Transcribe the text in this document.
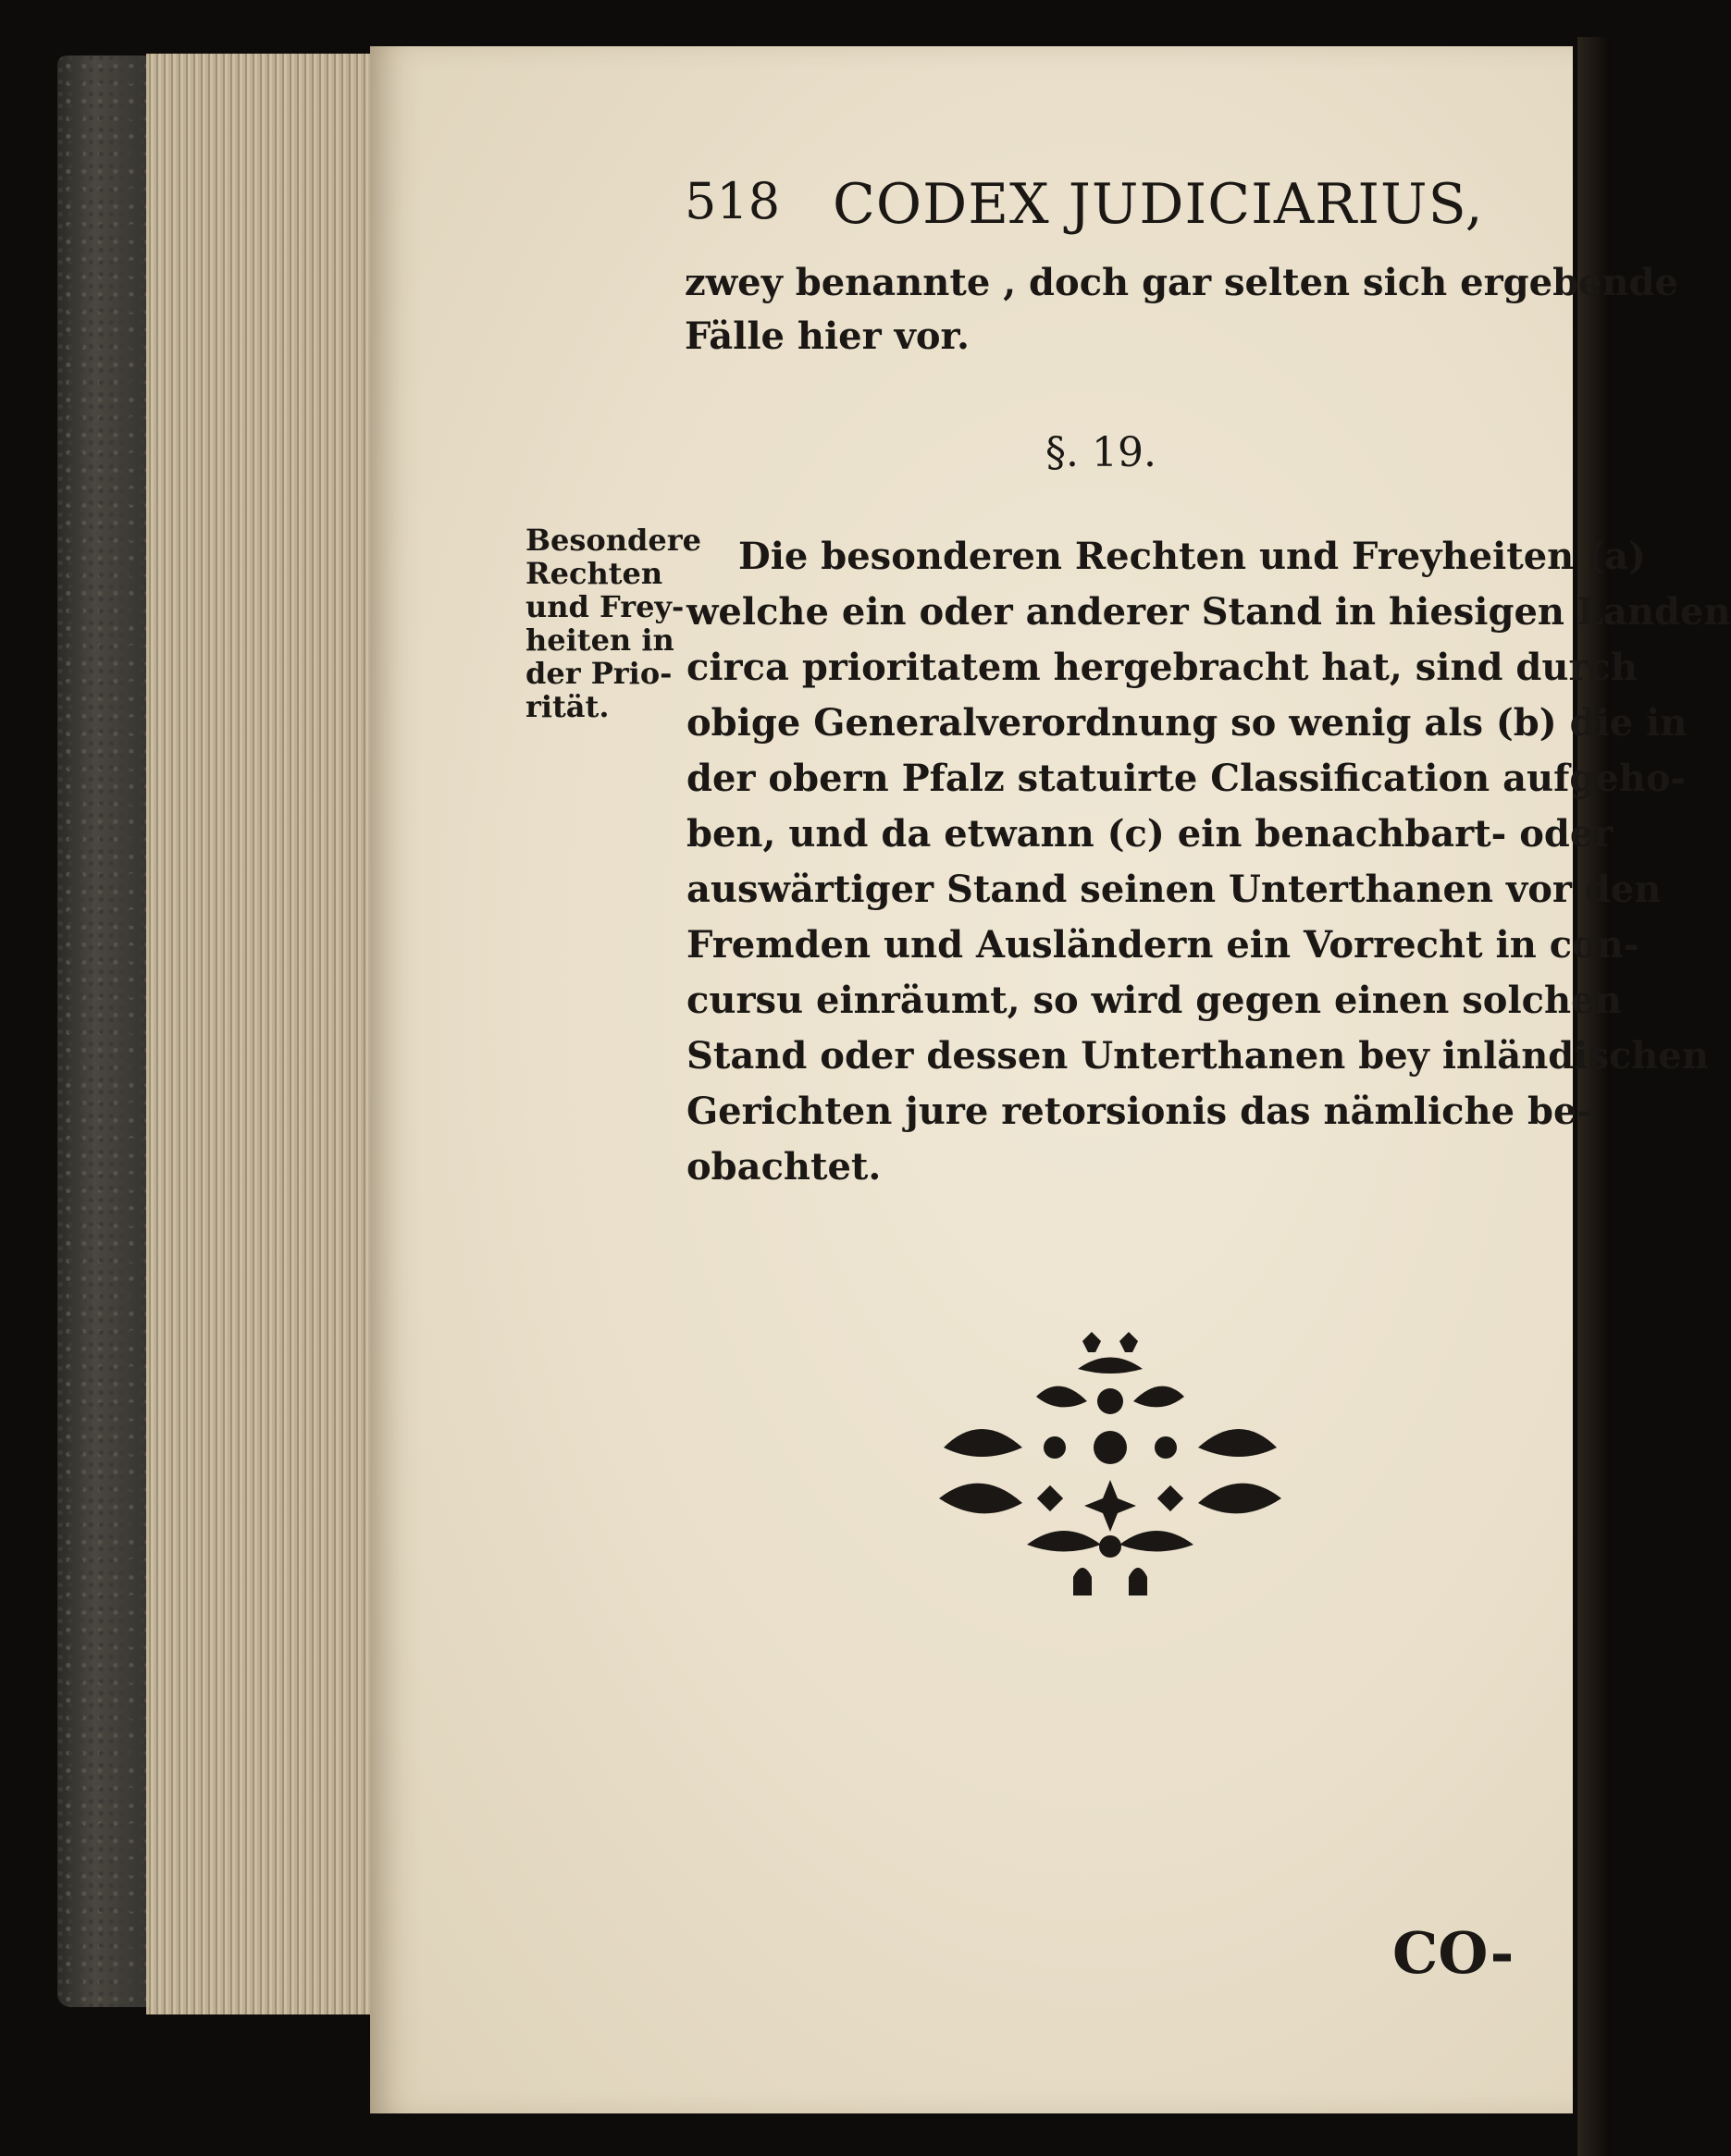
518 CODEX JUDICIARIUS,
zwey benannte , doch gar selten sich ergebende
Fälle hier vor.
§. 19.
Besondere
Rechten
und Frey-
heiten in
der Prio-
rität.
Die besonderen Rechten und Freyheiten (a)
welche ein oder anderer Stand in hiesigen Landen
circa prioritatem hergebracht hat, sind durch
obige Generalverordnung so wenig als (b) die in
der obern Pfalz statuirte Classification aufgeho-
ben, und da etwann (c) ein benachbart- oder
auswärtiger Stand seinen Unterthanen vor den
Fremden und Ausländern ein Vorrecht in con-
cursu einräumt, so wird gegen einen solchen
Stand oder dessen Unterthanen bey inländischen
Gerichten jure retorsionis das nämliche be-
obachtet.
CO-
